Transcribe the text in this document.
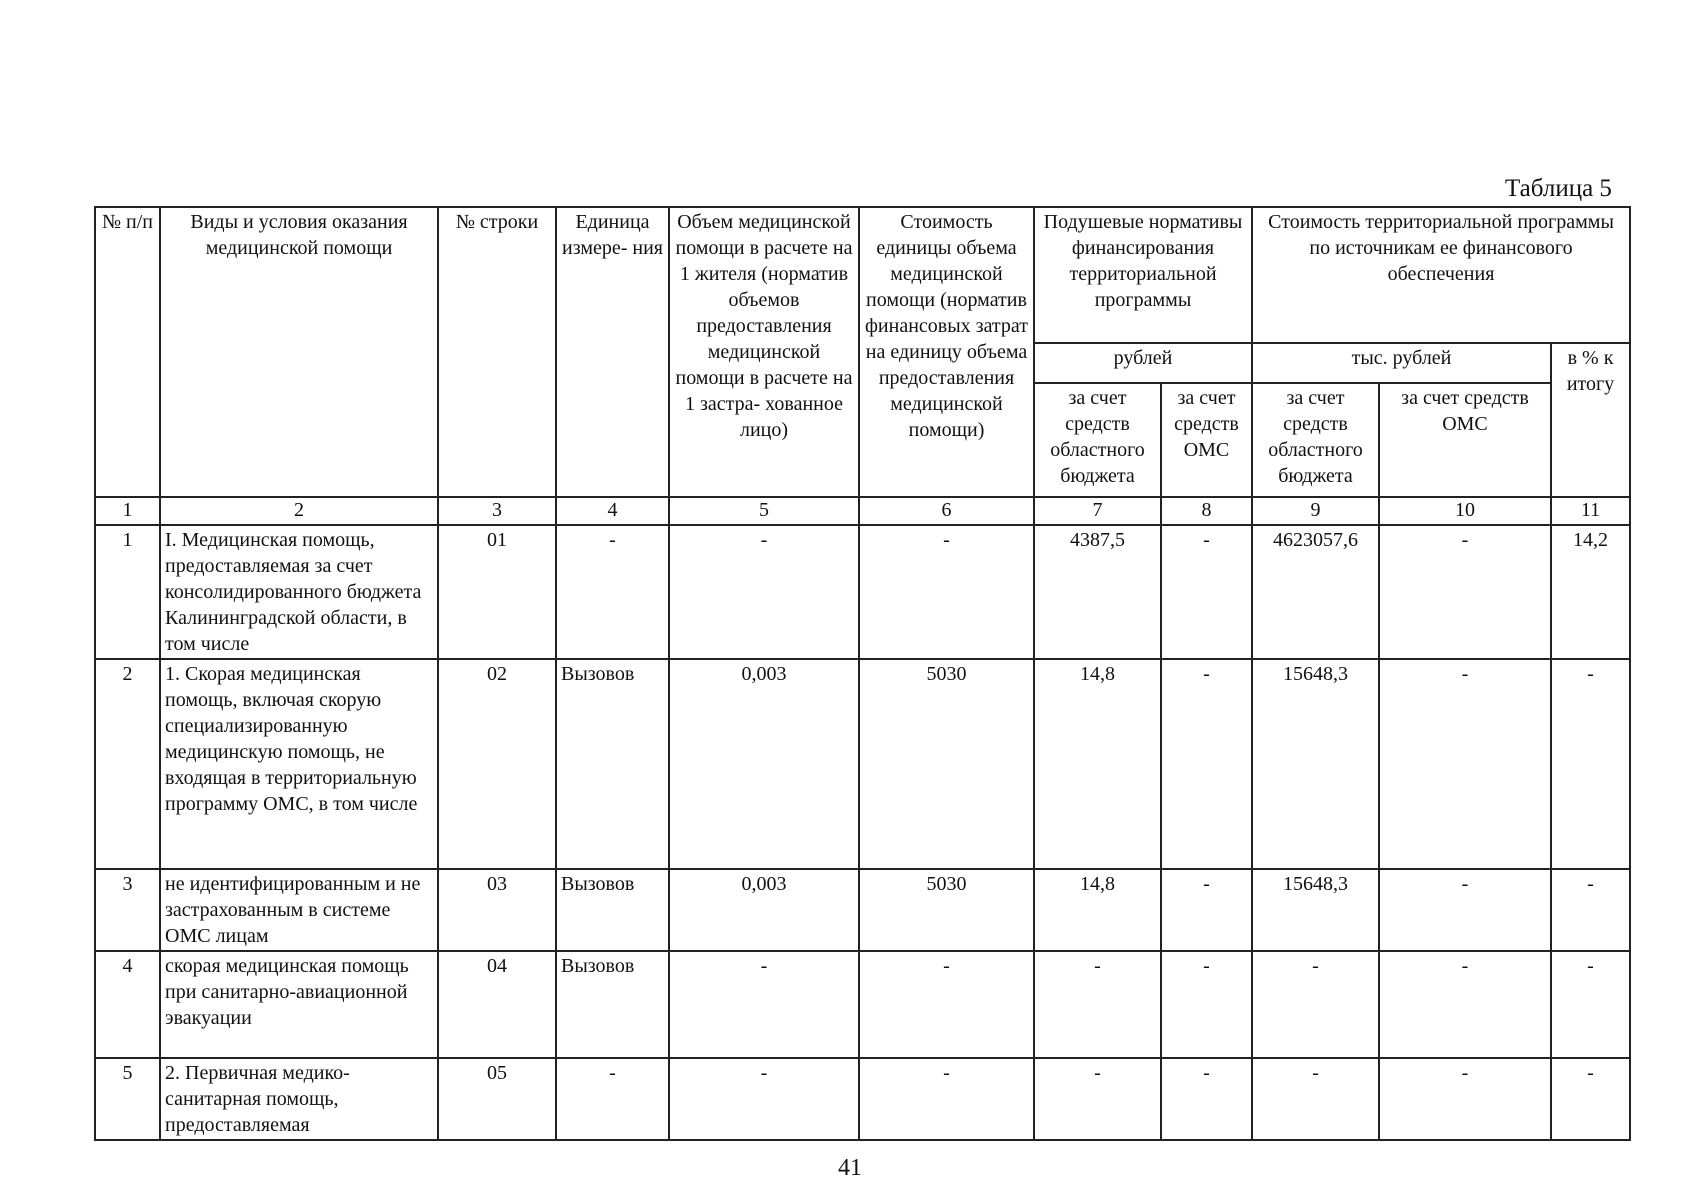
Таблица 5
№ п/п	Виды и условия оказания медицинской помощи	№ строки	Единица измере- ния	Объем медицинской помощи в расчете на 1 жителя (норматив объемов предоставления медицинской помощи в расчете на 1 застра- хованное лицо)	Стоимость единицы объема медицинской помощи (норматив финансовых затрат на единицу объема предоставления медицинской помощи)	Подушевые нормативы финансирования территориальной программы		Стоимость территориальной программы по источникам ее финансового обеспечения		
						рублей		тыс. рублей		в % к итогу
						за счет средств областного бюджета	за счет средств ОМС	за счет средств областного бюджета	за счет средств ОМС	
1	2	3	4	5	6	7	8	9	10	11
1	I. Медицинская помощь, предоставляемая за счет консолидированного бюджета Калининградской области, в том числе	01	-	-	-	4387,5	-	4623057,6	-	14,2
2	1. Скорая медицинская помощь, включая скорую специализированную медицинскую помощь, не входящая в территориальную программу ОМС, в том числе	02	Вызовов	0,003	5030	14,8	-	15648,3	-	-
3	не идентифицированным и не застрахованным в системе ОМС лицам	03	Вызовов	0,003	5030	14,8	-	15648,3	-	-
4	скорая медицинская помощь при санитарно-авиационной эвакуации	04	Вызовов	-	-	-	-	-	-	-
5	2. Первичная медико-санитарная помощь, предоставляемая	05	-	-	-	-	-	-	-	-
41
